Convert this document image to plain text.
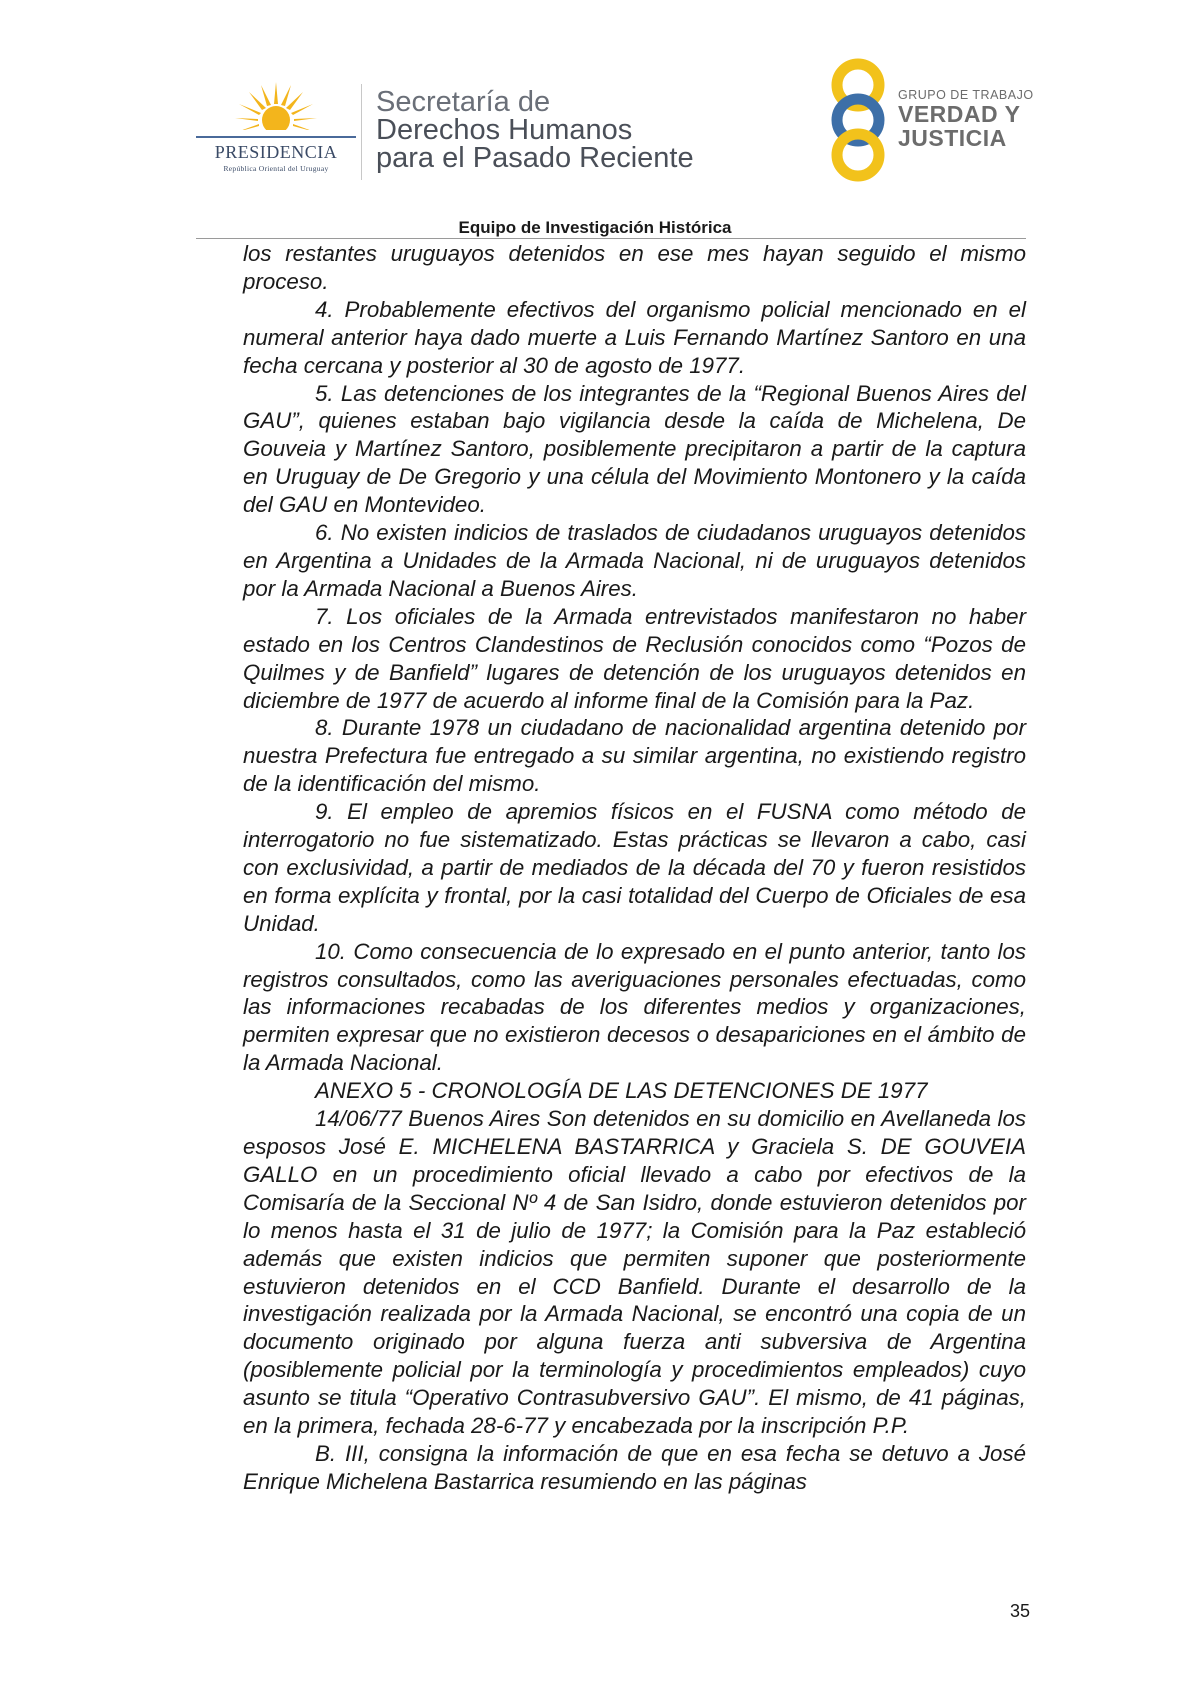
PRESIDENCIA
República Oriental del Uruguay
Secretaría de
Derechos Humanos
para el Pasado Reciente
GRUPO DE TRABAJO
VERDAD Y
JUSTICIA
Equipo de Investigación Histórica

los restantes uruguayos detenidos en ese mes hayan seguido el mismo proceso.

4. Probablemente efectivos del organismo policial mencionado en el numeral anterior haya dado muerte a Luis Fernando Martínez Santoro en una fecha cercana y posterior al 30 de agosto de 1977.

5. Las detenciones de los integrantes de la “Regional Buenos Aires del GAU”, quienes estaban bajo vigilancia desde la caída de Michelena, De Gouveia y Martínez Santoro, posiblemente precipitaron a partir de la captura en Uruguay de De Gregorio y una célula del Movimiento Montonero y la caída del GAU en Montevideo.

6. No existen indicios de traslados de ciudadanos uruguayos detenidos en Argentina a Unidades de la Armada Nacional, ni de uruguayos detenidos por la Armada Nacional a Buenos Aires.

7. Los oficiales de la Armada entrevistados manifestaron no haber estado en los Centros Clandestinos de Reclusión conocidos como “Pozos de Quilmes y de Banfield” lugares de detención de los uruguayos detenidos en diciembre de 1977 de acuerdo al informe final de la Comisión para la Paz.

8. Durante 1978 un ciudadano de nacionalidad argentina detenido por nuestra Prefectura fue entregado a su similar argentina, no existiendo registro de la identificación del mismo.

9. El empleo de apremios físicos en el FUSNA como método de interrogatorio no fue sistematizado. Estas prácticas se llevaron a cabo, casi con exclusividad, a partir de mediados de la década del 70 y fueron resistidos en forma explícita y frontal, por la casi totalidad del Cuerpo de Oficiales de esa Unidad.

10. Como consecuencia de lo expresado en el punto anterior, tanto los registros consultados, como las averiguaciones personales efectuadas, como las informaciones recabadas de los diferentes medios y organizaciones, permiten expresar que no existieron decesos o desapariciones en el ámbito de la Armada Nacional.

ANEXO 5 - CRONOLOGÍA DE LAS DETENCIONES DE 1977

14/06/77 Buenos Aires Son detenidos en su domicilio en Avellaneda los esposos José E. MICHELENA BASTARRICA y Graciela S. DE GOUVEIA GALLO en un procedimiento oficial llevado a cabo por efectivos de la Comisaría de la Seccional Nº 4 de San Isidro, donde estuvieron detenidos por lo menos hasta el 31 de julio de 1977; la Comisión para la Paz estableció además que existen indicios que permiten suponer que posteriormente estuvieron detenidos en el CCD Banfield. Durante el desarrollo de la investigación realizada por la Armada Nacional, se encontró una copia de un documento originado por alguna fuerza anti subversiva de Argentina (posiblemente policial por la terminología y procedimientos empleados) cuyo asunto se titula “Operativo Contrasubversivo GAU”. El mismo, de 41 páginas, en la primera, fechada 28-6-77 y encabezada por la inscripción P.P.

B. III, consigna la información de que en esa fecha se detuvo a José Enrique Michelena Bastarrica resumiendo en las páginas

35
